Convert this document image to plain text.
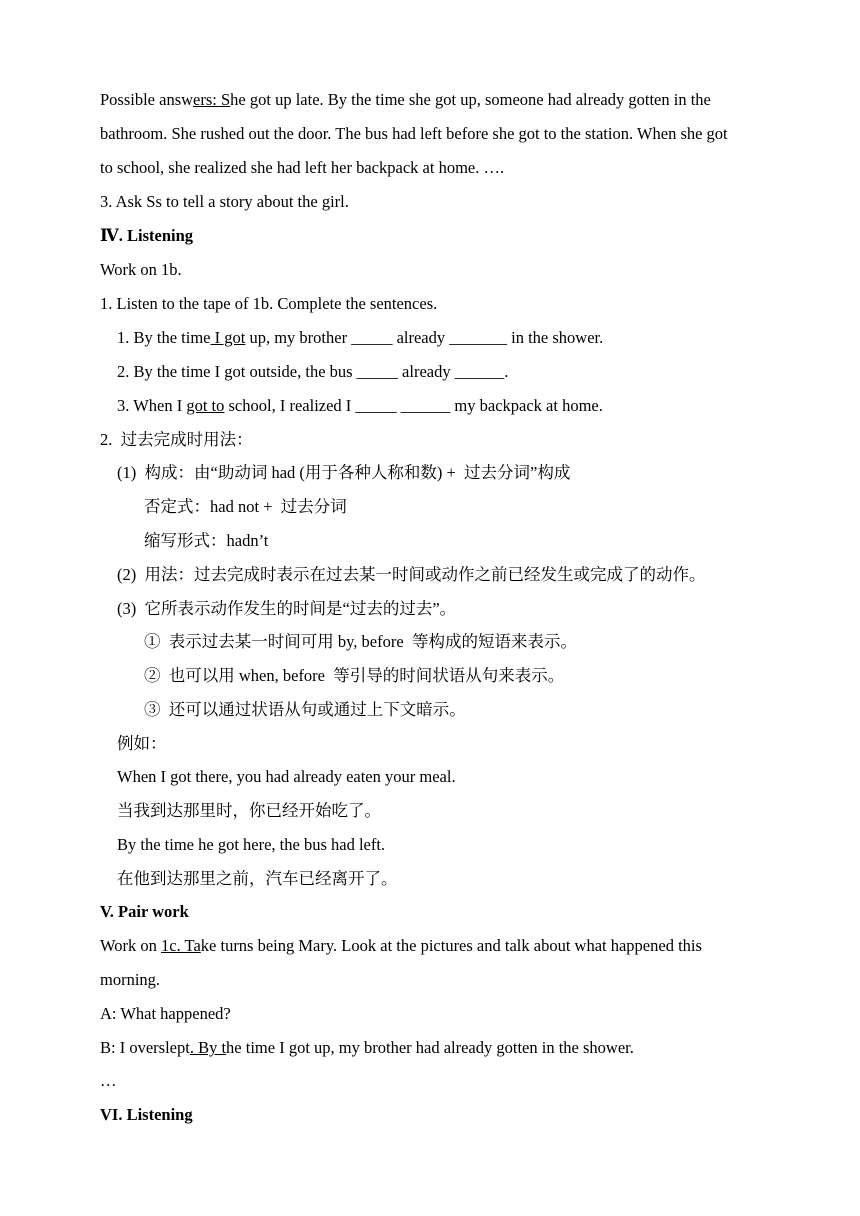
Possible answers: She got up late. By the time she got up, someone had already gotten in the
bathroom. She rushed out the door. The bus had left before she got to the station. When she got
to school, she realized she had left her backpack at home. ….
3. Ask Ss to tell a story about the girl.
Ⅳ. Listening
Work on 1b.
1. Listen to the tape of 1b. Complete the sentences.
1. By the time I got up, my brother _____ already _______ in the shower.
2. By the time I got outside, the bus _____ already ______.
3. When I got to school, I realized I _____ ______ my backpack at home.
2.  过去完成时用法：
(1)  构成：由“助动词 had (用于各种人称和数) +  过去分词”构成
否定式：had not +  过去分词
缩写形式：hadn’t
(2)  用法：过去完成时表示在过去某一时间或动作之前已经发生或完成了的动作。
(3)  它所表示动作发生的时间是“过去的过去”。
①  表示过去某一时间可用 by, before  等构成的短语来表示。
②  也可以用 when, before  等引导的时间状语从句来表示。
③  还可以通过状语从句或通过上下文暗示。
例如：
When I got there, you had already eaten your meal.
当我到达那里时，你已经开始吃了。
By the time he got here, the bus had left.
在他到达那里之前，汽车已经离开了。
V. Pair work
Work on 1c. Take turns being Mary. Look at the pictures and talk about what happened this
morning.
A: What happened?
B: I overslept. By the time I got up, my brother had already gotten in the shower.
…
VI. Listening
